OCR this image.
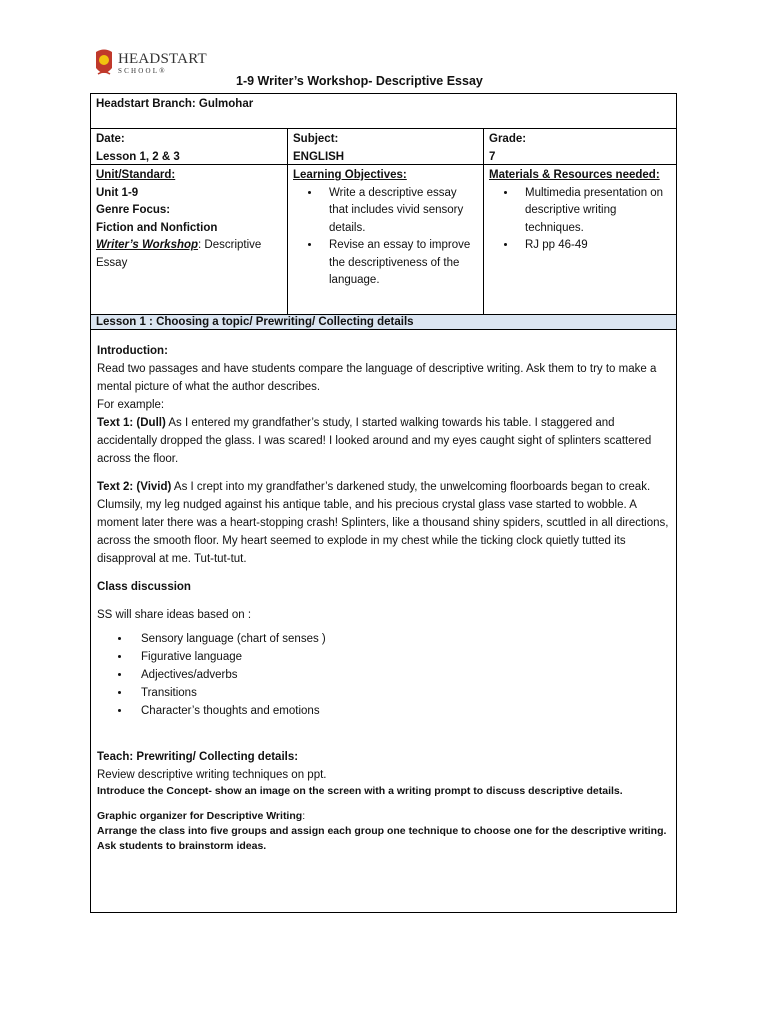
HEADSTART
SCHOOL®
1-9 Writer’s Workshop- Descriptive Essay
Headstart Branch: Gulmohar
Date:
Lesson 1, 2 & 3
Subject:
ENGLISH
Grade:
7
Unit/Standard:
Unit 1-9
Genre Focus:
Fiction and Nonfiction
Writer’s Workshop: Descriptive Essay
Learning Objectives:
• Write a descriptive essay that includes vivid sensory details.
• Revise an essay to improve the descriptiveness of the language.
Materials & Resources needed:
• Multimedia presentation on descriptive writing techniques.
• RJ pp 46-49
Lesson 1 : Choosing a topic/ Prewriting/ Collecting details

Introduction:

Read two passages and have students compare the language of descriptive writing. Ask them to try to make a mental picture of what the author describes.

For example:

Text 1: (Dull) As I entered my grandfather’s study, I started walking towards his table. I staggered and accidentally dropped the glass. I was scared! I looked around and my eyes caught sight of splinters scattered across the floor.

Text 2: (Vivid) As I crept into my grandfather’s darkened study, the unwelcoming floorboards began to creak. Clumsily, my leg nudged against his antique table, and his precious crystal glass vase started to wobble. A moment later there was a heart-stopping crash! Splinters, like a thousand shiny spiders, scuttled in all directions, across the smooth floor. My heart seemed to explode in my chest while the ticking clock quietly tutted its disapproval at me. Tut-tut-tut.

Class discussion

SS will share ideas based on :

• Sensory language (chart of senses )
• Figurative language
• Adjectives/adverbs
• Transitions
• Character’s thoughts and emotions

Teach: Prewriting/ Collecting details:

Review descriptive writing techniques on ppt.

Introduce the Concept- show an image on the screen with a writing prompt to discuss descriptive details.

Graphic organizer for Descriptive Writing:

Arrange the class into five groups and assign each group one technique to choose one for the descriptive writing.

Ask students to brainstorm ideas.
